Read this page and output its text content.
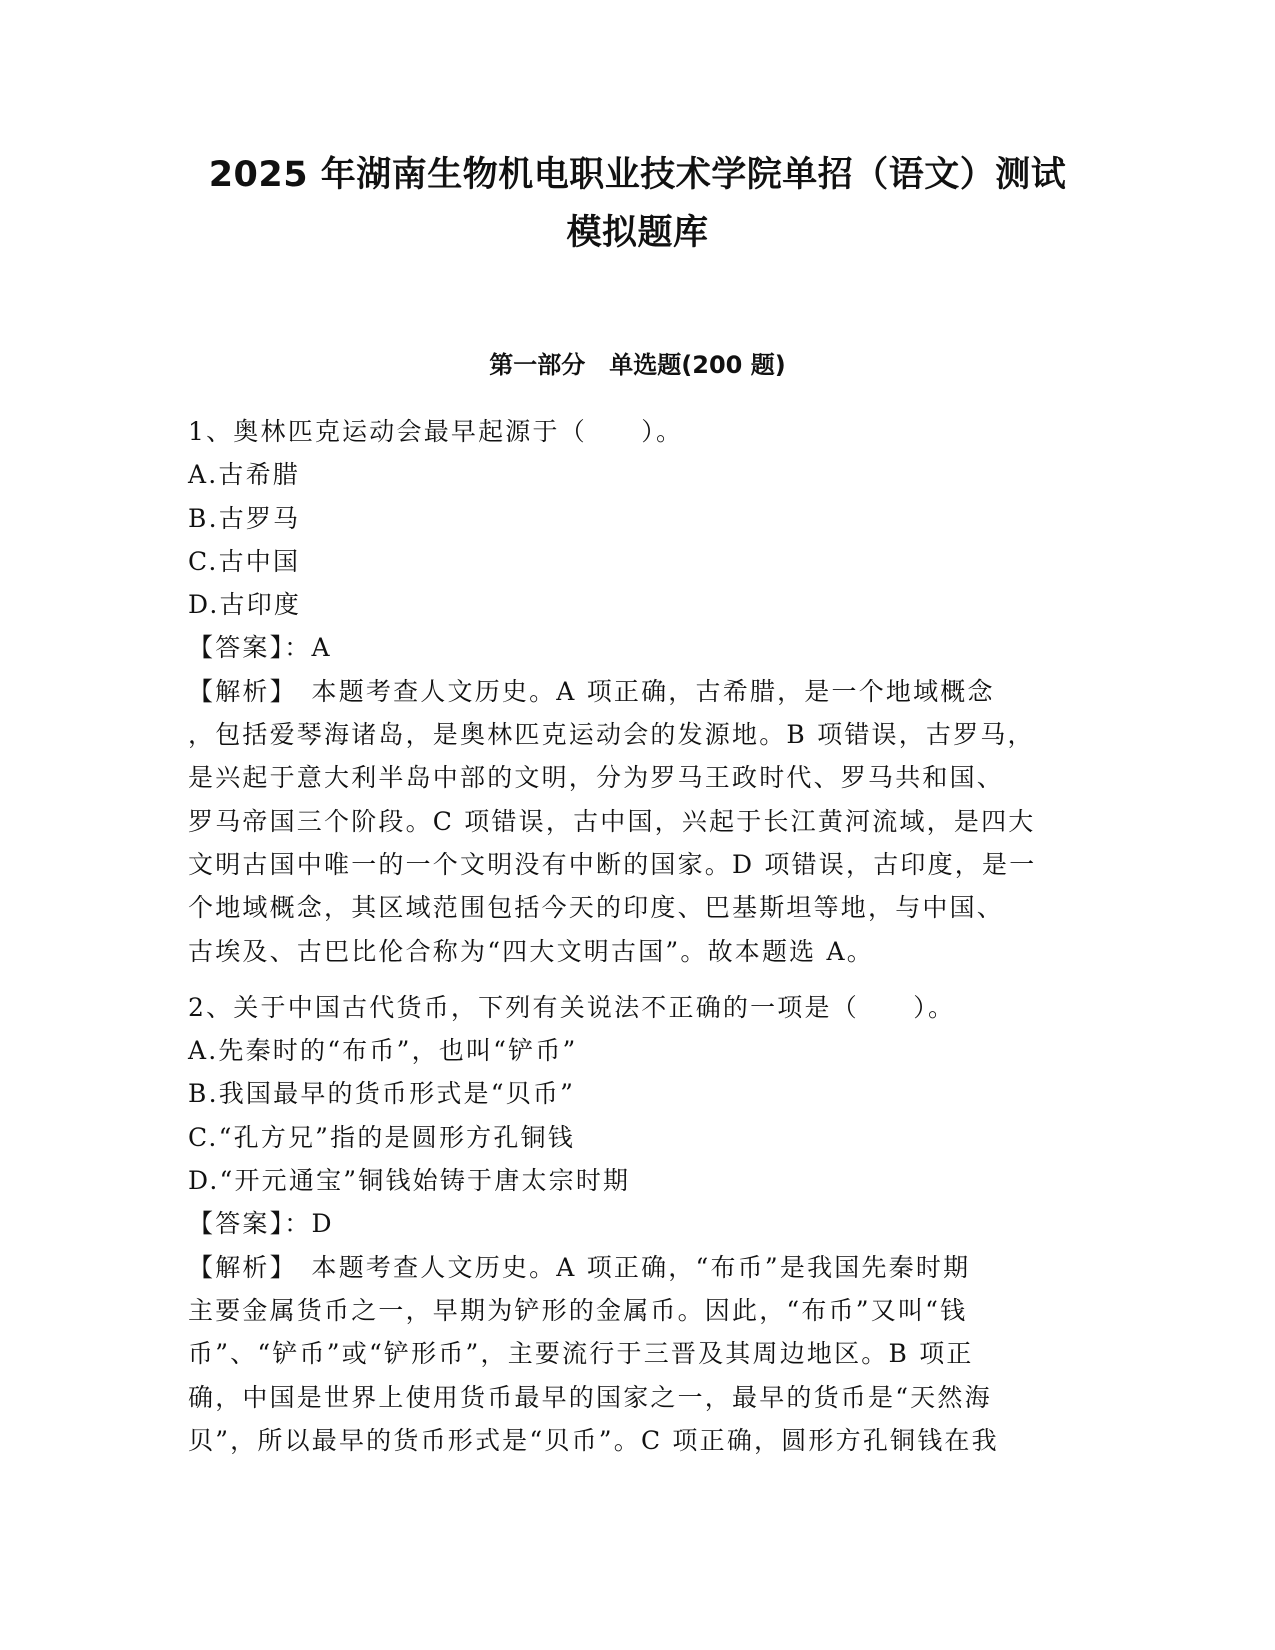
2025 年湖南生物机电职业技术学院单招（语文）测试
模拟题库
第一部分　单选题(200 题)

1、奥林匹克运动会最早起源于（　　）。

A.古希腊

B.古罗马

C.古中国

D.古印度

【答案】：A

【解析】　本题考查人文历史。A 项正确，古希腊，是一个地域概念

，包括爱琴海诸岛，是奥林匹克运动会的发源地。B 项错误，古罗马，

是兴起于意大利半岛中部的文明，分为罗马王政时代、罗马共和国、

罗马帝国三个阶段。C 项错误，古中国，兴起于长江黄河流域，是四大

文明古国中唯一的一个文明没有中断的国家。D 项错误，古印度，是一

个地域概念，其区域范围包括今天的印度、巴基斯坦等地，与中国、

古埃及、古巴比伦合称为“四大文明古国”。故本题选 A。

2、关于中国古代货币，下列有关说法不正确的一项是（　　）。

A.先秦时的“布币”，也叫“铲币”

B.我国最早的货币形式是“贝币”

C.“孔方兄”指的是圆形方孔铜钱

D.“开元通宝”铜钱始铸于唐太宗时期

【答案】：D

【解析】　本题考查人文历史。A 项正确，“布币”是我国先秦时期

主要金属货币之一，早期为铲形的金属币。因此，“布币”又叫“钱

币”、“铲币”或“铲形币”，主要流行于三晋及其周边地区。B 项正

确，中国是世界上使用货币最早的国家之一，最早的货币是“天然海

贝”，所以最早的货币形式是“贝币”。C 项正确，圆形方孔铜钱在我
